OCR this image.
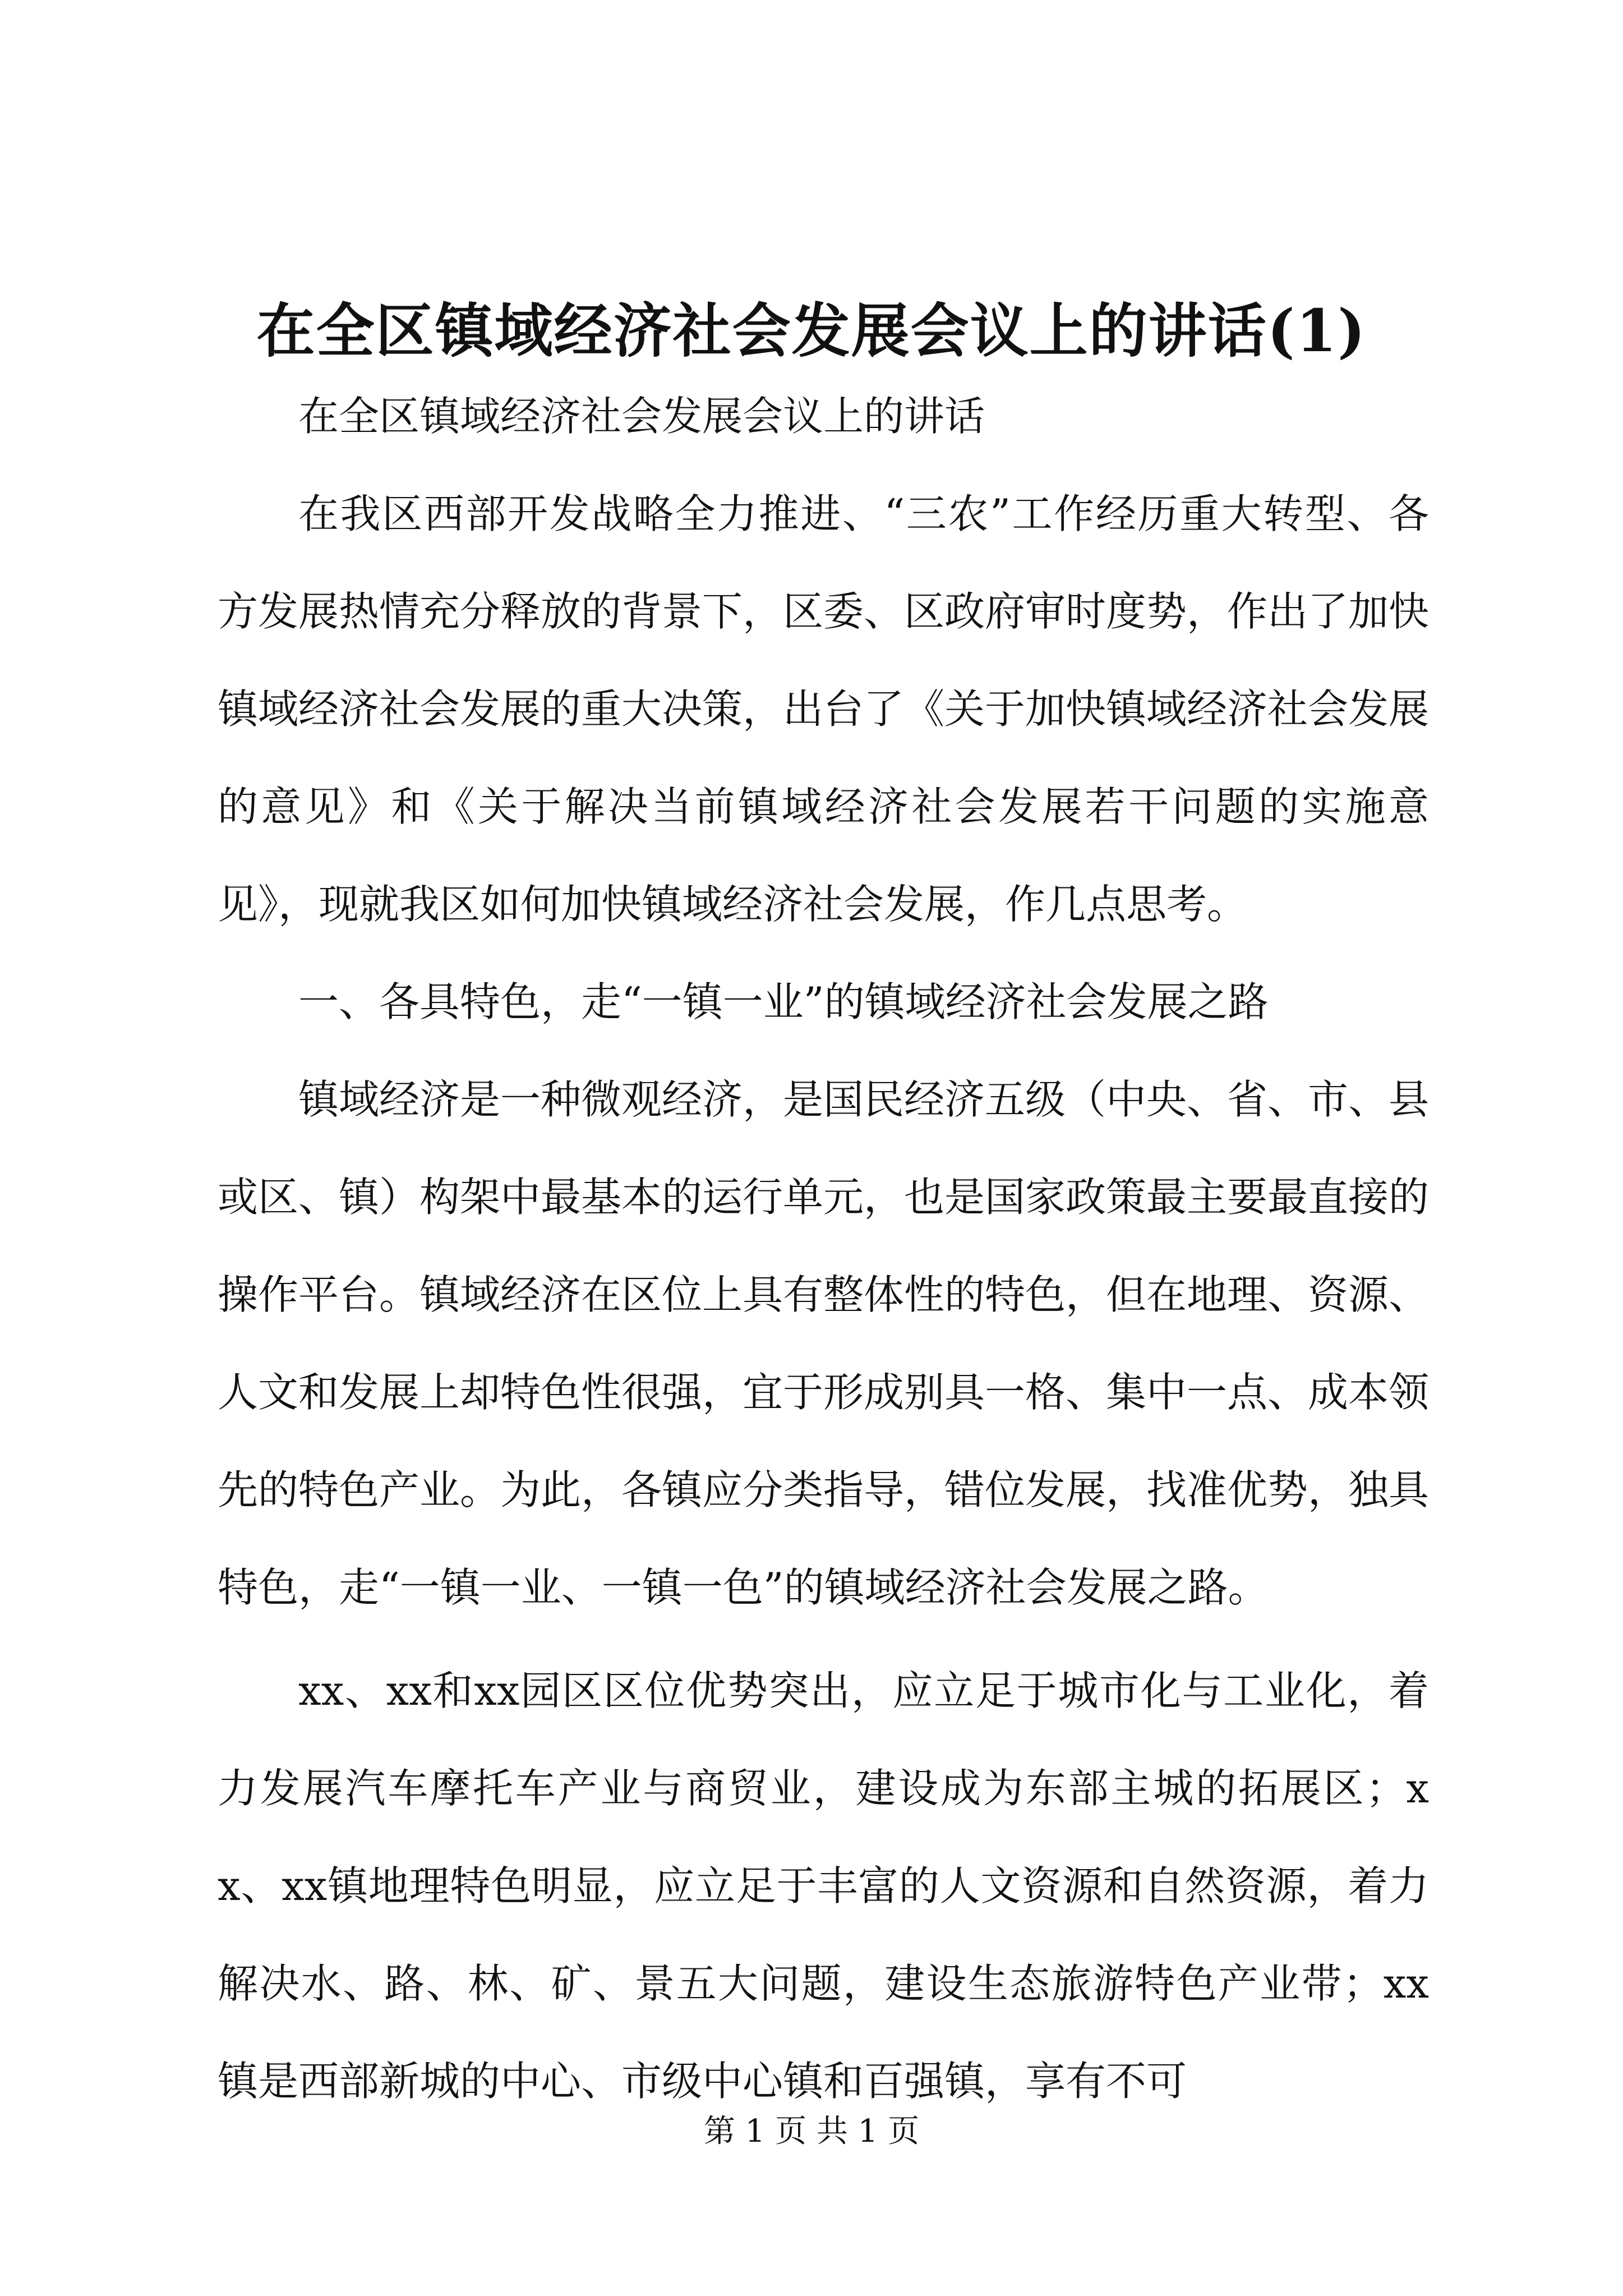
在全区镇域经济社会发展会议上的讲话(1)

在全区镇域经济社会发展会议上的讲话

在我区西部开发战略全力推进、“三农”工作经历重大转型、各方发展热情充分释放的背景下，区委、区政府审时度势，作出了加快镇域经济社会发展的重大决策，出台了《关于加快镇域经济社会发展的意见》和《关于解决当前镇域经济社会发展若干问题的实施意见》，现就我区如何加快镇域经济社会发展，作几点思考。

一、各具特色，走“一镇一业”的镇域经济社会发展之路

镇域经济是一种微观经济，是国民经济五级（中央、省、市、县或区、镇）构架中最基本的运行单元，也是国家政策最主要最直接的操作平台。镇域经济在区位上具有整体性的特色，但在地理、资源、人文和发展上却特色性很强，宜于形成别具一格、集中一点、成本领先的特色产业。为此，各镇应分类指导，错位发展，找准优势，独具特色，走“一镇一业、一镇一色”的镇域经济社会发展之路。

xx、xx和xx园区区位优势突出，应立足于城市化与工业化，着力发展汽车摩托车产业与商贸业，建设成为东部主城的拓展区；xx、xx镇地理特色明显，应立足于丰富的人文资源和自然资源，着力解决水、路、林、矿、景五大问题，建设生态旅游特色产业带；xx镇是西部新城的中心、市级中心镇和百强镇，享有不可

第 1 页 共 1 页
